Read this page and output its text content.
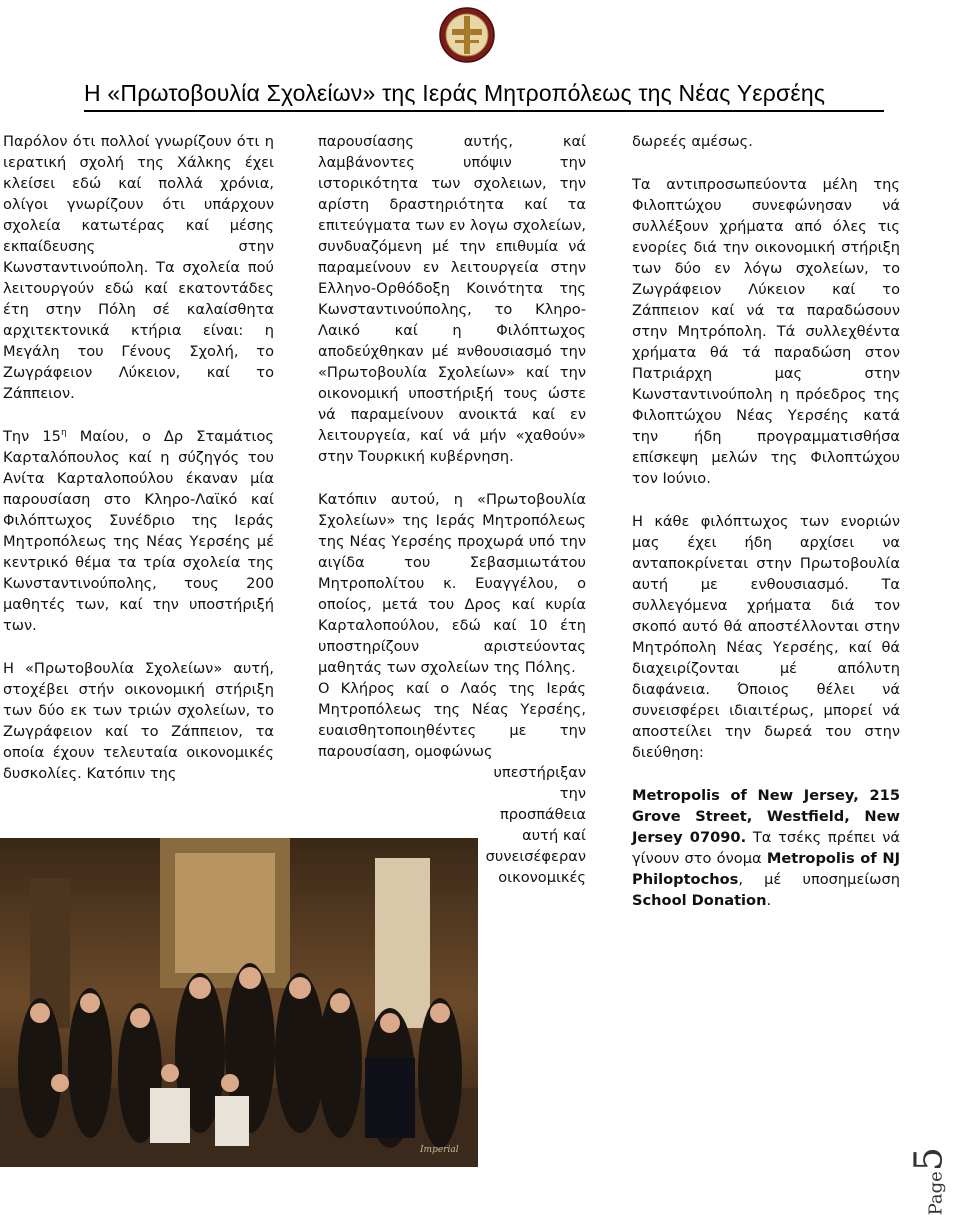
Η «Πρωτοβουλία Σχολείων» της Ιεράς Μητροπόλεως της Νέας Υερσέης

Παρόλον ότι πολλοί γνωρίζουν ότι η ιερατική σχολή της Χάλκης έχει κλείσει εδώ καί πολλά χρόνια, ολίγοι γνωρίζουν ότι υπάρχουν σχολεία κατωτέρας καί μέσης εκπαίδευσης στην Κωνσταντινούπολη. Τα σχολεία πού λειτουργούν εδώ καί εκατοντάδες έτη στην Πόλη σέ καλαίσθητα αρχιτεκτονικά κτήρια είναι: η Μεγάλη του Γένους Σχολή, το Ζωγράφειον Λύκειον, καί το Ζάππειον.

Την $15^\eta$ Μαίου, ο Δρ Σταμάτιος Καρταλόπουλος καί η σύζηγός του Ανίτα Καρταλοπούλου έκαναν μία παρουσίαση στο Κληρο-Λαϊκό καί Φιλόπτωχος Συνέδριο της Ιεράς Μητροπόλεως της Νέας Υερσέης μέ κεντρικό θέμα τα τρία σχολεία της Κωνσταντινούπολης, τους 200 μαθητές των, καί την υποστήριξή των.

Η «Πρωτοβουλία Σχολείων» αυτή, στοχέβει στήν οικονομική στήριξη των δύο εκ των τριών σχολείων, το Ζωγράφειον καί το Ζάππειον, τα οποία έχουν τελευταία οικονομικές δυσκολίες. Κατόπιν της

παρουσίασης αυτής, καί λαμβάνοντες υπόψιν την ιστορικότητα των σχολειων, την αρίστη δραστηριότητα καί τα επιτεύγματα των εν λογω σχολείων, συνδυαζόμενη μέ την επιθυμία νά παραμείνουν εν λειτουργεία στην Ελληνο-Ορθόδοξη Κοινότητα της Κωνσταντινούπολης, το Κληρο-Λαικό καί η Φιλόπτωχος αποδεύχθηκαν μέ ¤νθουσιασμό την «Πρωτοβουλία Σχολείων» καί την οικονομική υποστήριξή τους ώστε νά παραμείνουν ανοικτά καί εν λειτουργεία, καί νά μήν «χαθούν» στην Τουρκική κυβέρνηση.

Κατόπιν αυτού, η «Πρωτοβουλία Σχολείων» της Ιεράς Μητροπόλεως της Νέας Υερσέης προχωρά υπό την αιγίδα του Σεβασμιωτάτου Μητροπολίτου κ. Ευαγγέλου, ο οποίος, μετά του Δρος καί κυρία Καρταλοπούλου, εδώ καί 10 έτη υποστηρίζουν αριστεύοντας μαθητάς των σχολείων της Πόλης.

Ο Κλήρος καί ο Λαός της Ιεράς Μητροπόλεως της Νέας Υερσέης, ευαισθητοποιηθέντες με την παρουσίαση, ομοφώνως

υπεστήριξαν
την
προσπάθεια
αυτή καί
συνεισέφεραν
οικονομικές

δωρεές αμέσως.

Τα αντιπροσωπεύοντα μέλη της Φιλοπτώχου συνεφώνησαν νά συλλέξουν χρήματα από όλες τις ενορίες διά την οικονομική στήριξη των δύο εν λόγω σχολείων, το Ζωγράφειον Λύκειον καί το Ζάππειον καί νά τα παραδώσουν στην Μητρόπολη. Τά συλλεχθέντα χρήματα θά τά παραδώση στον Πατριάρχη μας στην Κωνσταντινούπολη η πρόεδρος της Φιλοπτώχου Νέας Υερσέης κατά την ήδη προγραμματισθήσα επίσκεψη μελών της Φιλοπτώχου τον Ιούνιο.

Η κάθε φιλόπτωχος των ενοριών μας έχει ήδη αρχίσει να ανταποκρίνεται στην Πρωτοβουλία αυτή με ενθουσιασμό. Τα συλλεγόμενα χρήματα διά τον σκοπό αυτό θά αποστέλλονται στην Μητρόπολη Νέας Υερσέης, καί θά διαχειρίζονται μέ απόλυτη διαφάνεια. Όποιος θέλει νά συνεισφέρει ιδιαιτέρως, μπορεί νά αποστείλει την δωρεά του στην διεύθηση:

Metropolis of New Jersey, 215 Grove Street, Westfield, New Jersey 07090. Τα τσέκς πρέπει νά γίνουν στο όνομα Metropolis of NJ Philoptochos, μέ υποσημείωση School Donation.

Imperial
Page5
